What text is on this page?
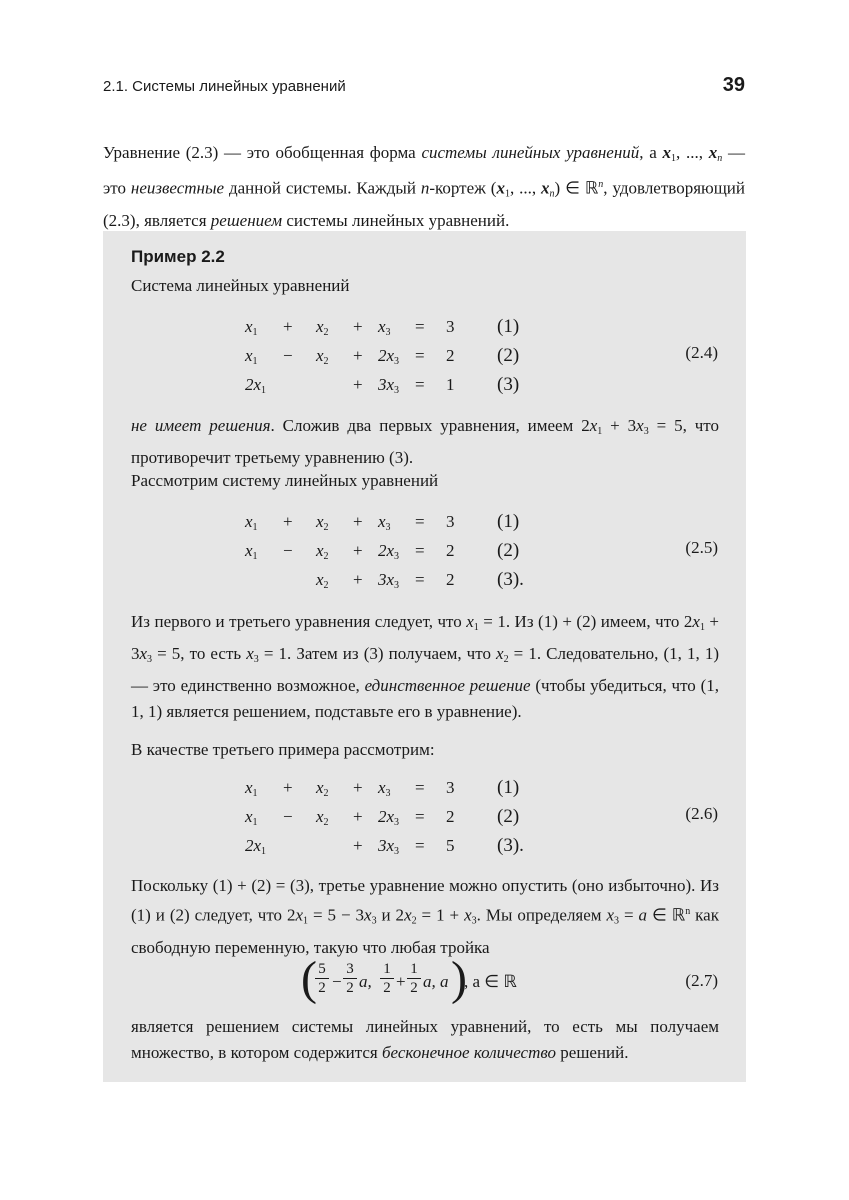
2.1. Системы линейных уравнений	39
Уравнение (2.3) — это обобщенная форма системы линейных уравнений, а $x_1$, ..., $x_n$ — это неизвестные данной системы. Каждый n-кортеж ($x_1$, ..., $x_n$) ∈ ℝ$^n$, удовлетворяющий (2.3), является решением системы линейных уравнений.
Пример 2.2
Система линейных уравнений
$x_1 + x_2 + x_3 = 3$ (1)
$x_1 - x_2 + 2x_3 = 2$ (2)
$2x_1$	+ $3x_3 = 1$ (3)
(2.4)
не имеет решения. Сложив два первых уравнения, имеем $2x_1 + 3x_3 = 5$, что противоречит третьему уравнению (3).
Рассмотрим систему линейных уравнений
$x_1 + x_2 + x_3 = 3$ (1)
$x_1 - x_2 + 2x_3 = 2$ (2)
$x_2 + 3x_3 = 2$ (3).
(2.5)
Из первого и третьего уравнения следует, что $x_1 = 1$. Из (1) + (2) имеем, что $2x_1 + 3x_3 = 5$, то есть $x_3 = 1$. Затем из (3) получаем, что $x_2 = 1$. Следовательно, (1, 1, 1) — это единственно возможное, единственное решение (чтобы убедиться, что (1, 1, 1) является решением, подставьте его в уравнение).
В качестве третьего примера рассмотрим:
$x_1 + x_2 + x_3 = 3$ (1)
$x_1 - x_2 + 2x_3 = 2$ (2)
$2x_1$	+ $3x_3 = 5$ (3).
(2.6)
Поскольку (1) + (2) = (3), третье уравнение можно опустить (оно избыточно). Из (1) и (2) следует, что $2x_1 = 5 - 3x_3$ и $2x_2 = 1 + x_3$. Мы определяем $x_3 = a$ ∈ ℝ$^n$ как свободную переменную, такую что любая тройка
(
$\frac{5}{2} - \frac{3}{2} a$, $\frac{1}{2} + \frac{1}{2} a$, a )
, a ∈ ℝ	(2.7)
является решением системы линейных уравнений, то есть мы получаем множество, в котором содержится бесконечное количество решений.
